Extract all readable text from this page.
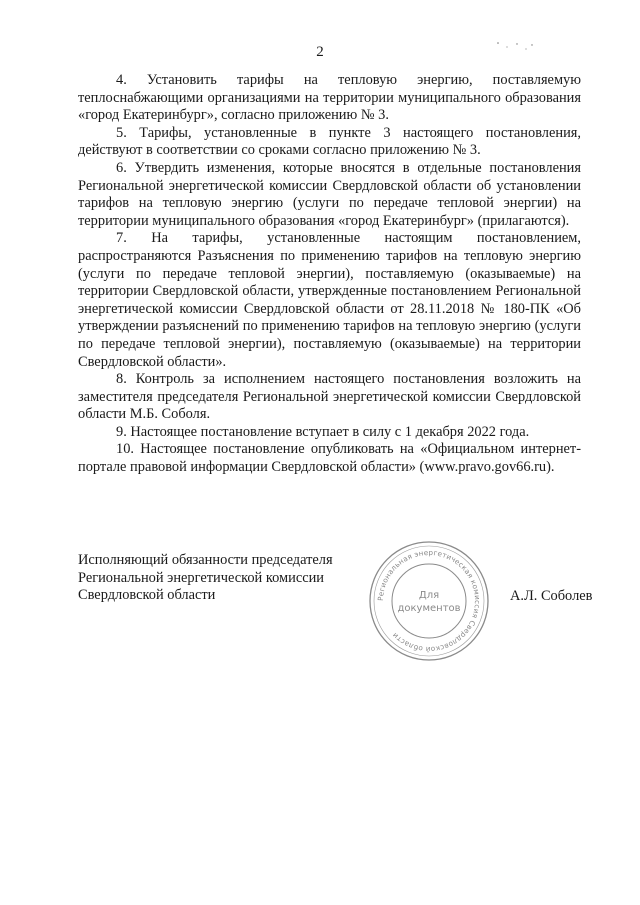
2

4. Установить тарифы на тепловую энергию, поставляемую теплоснабжающими организациями на территории муниципального образования «город Екатеринбург», согласно приложению № 3.

5. Тарифы, установленные в пункте 3 настоящего постановления, действуют в соответствии со сроками согласно приложению № 3.

6. Утвердить изменения, которые вносятся в отдельные постановления Региональной энергетической комиссии Свердловской области об установлении тарифов на тепловую энергию (услуги по передаче тепловой энергии) на территории муниципального образования «город Екатеринбург» (прилагаются).

7. На тарифы, установленные настоящим постановлением, распространяются Разъяснения по применению тарифов на тепловую энергию (услуги по передаче тепловой энергии), поставляемую (оказываемые) на территории Свердловской области, утвержденные постановлением Региональной энергетической комиссии Свердловской области от 28.11.2018 № 180-ПК «Об утверждении разъяснений по применению тарифов на тепловую энергию (услуги по передаче тепловой энергии), поставляемую (оказываемые) на территории Свердловской области».

8. Контроль за исполнением настоящего постановления возложить на заместителя председателя Региональной энергетической комиссии Свердловской области М.Б. Соболя.

9. Настоящее постановление вступает в силу с 1 декабря 2022 года.

10. Настоящее постановление опубликовать на «Официальном интернет-портале правовой информации Свердловской области» (www.pravo.gov66.ru).

Исполняющий обязанности председателя
Региональной энергетической комиссии
Свердловской области	А.Л. Соболев
Региональная энергетическая комиссия Свердловской области
Для
документов
